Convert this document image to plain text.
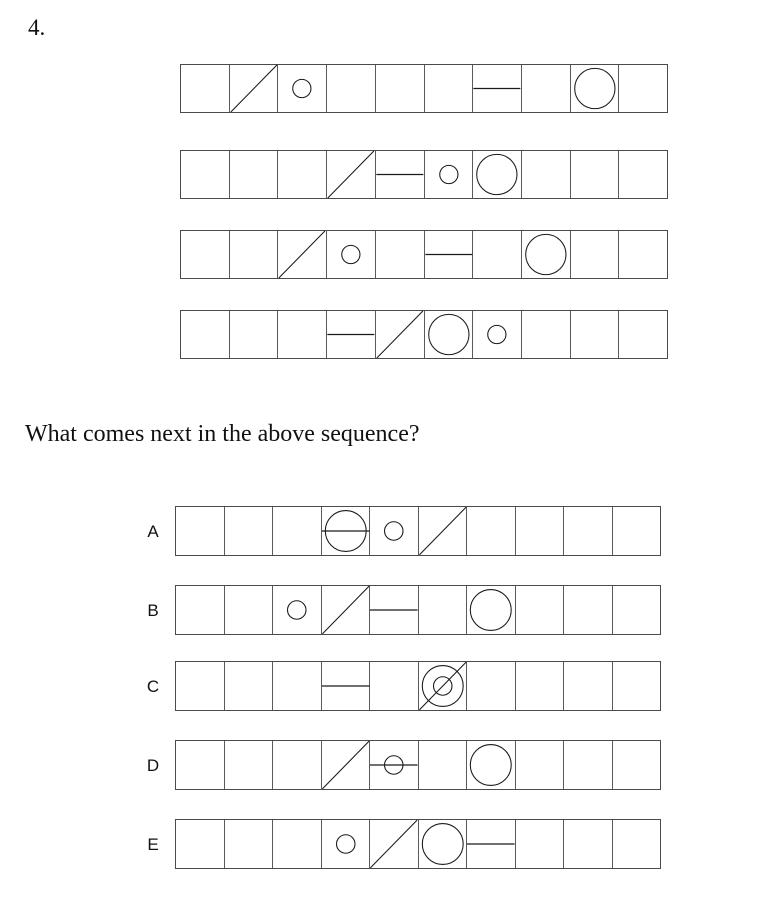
4.
What comes next in the above sequence?
A
B
C
D
E
